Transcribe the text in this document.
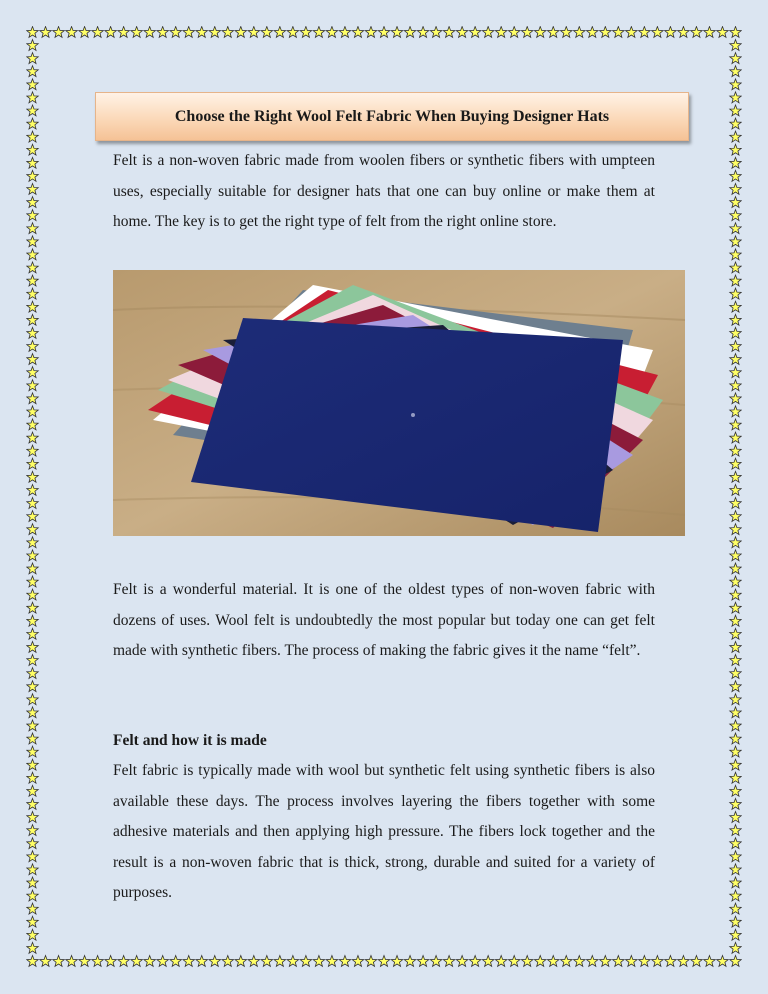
Choose the Right Wool Felt Fabric When Buying Designer Hats

Felt is a non-woven fabric made from woolen fibers or synthetic fibers with umpteen uses, especially suitable for designer hats that one can buy online or make them at home. The key is to get the right type of felt from the right online store.

Felt is a wonderful material. It is one of the oldest types of non-woven fabric with dozens of uses. Wool felt is undoubtedly the most popular but today one can get felt made with synthetic fibers. The process of making the fabric gives it the name “felt”.

Felt and how it is made

Felt fabric is typically made with wool but synthetic felt using synthetic fibers is also available these days. The process involves layering the fibers together with some adhesive materials and then applying high pressure. The fibers lock together and the result is a non-woven fabric that is thick, strong, durable and suited for a variety of purposes.
